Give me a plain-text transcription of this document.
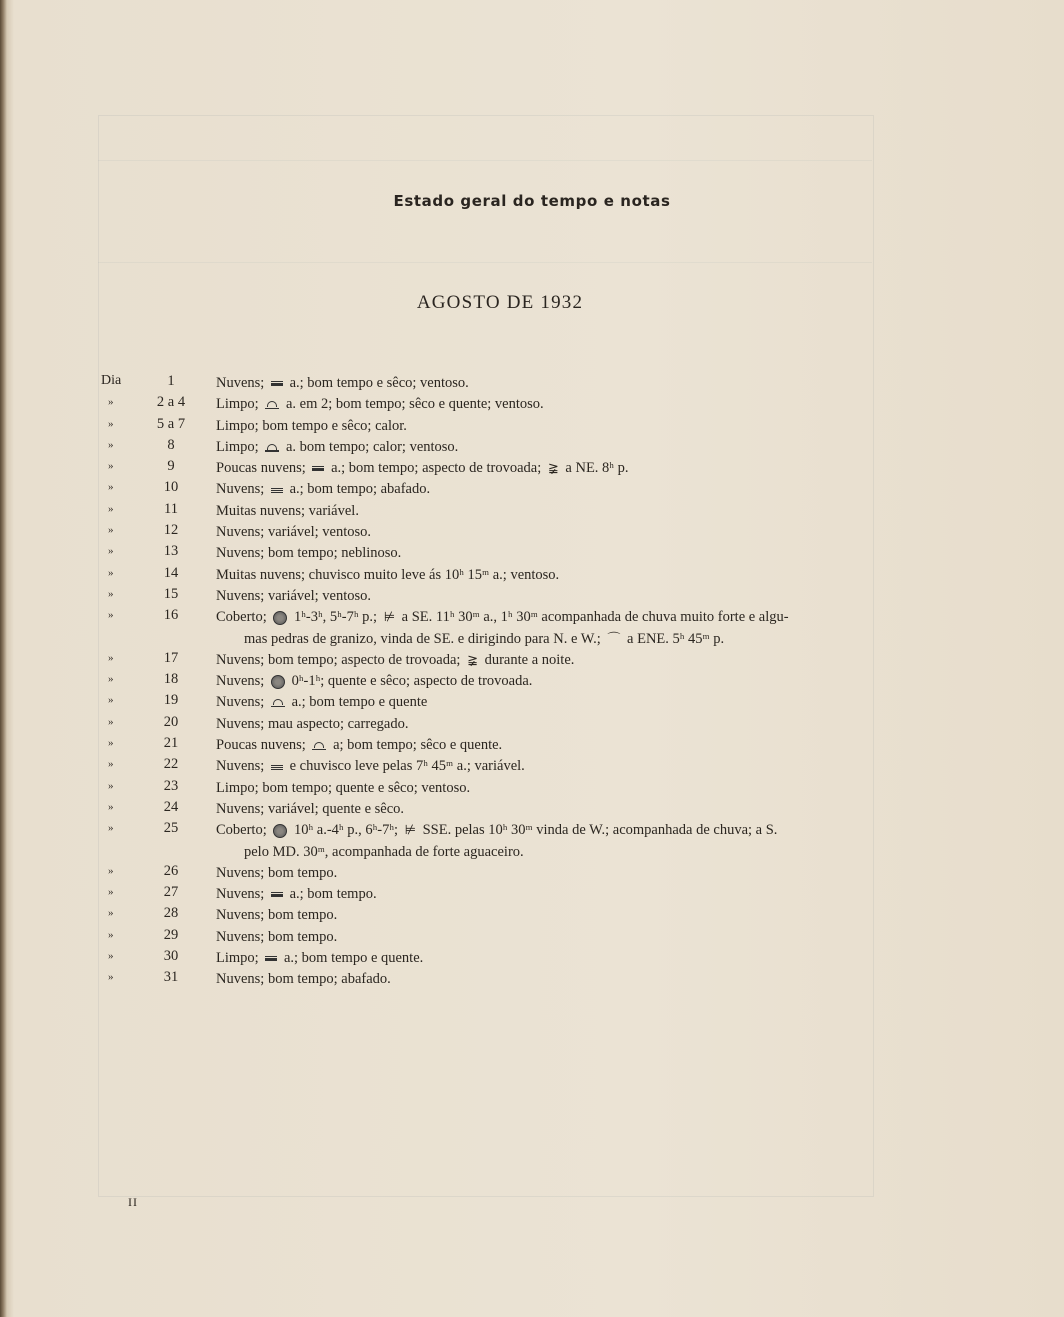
Estado geral do tempo e notas
AGOSTO DE 1932
Dia	1	Nuvens;  a.; bom tempo e sêco; ventoso.
»	2 a 4	Limpo;  a. em 2; bom tempo; sêco e quente; ventoso.
»	5 a 7	Limpo; bom tempo e sêco; calor.
»	8	Limpo;  a. bom tempo; calor; ventoso.
»	9	Poucas nuvens;  a.; bom tempo; aspecto de trovoada; ≩ a NE. 8ʰ p.
»	10	Nuvens;  a.; bom tempo; abafado.
»	11	Muitas nuvens; variável.
»	12	Nuvens; variável; ventoso.
»	13	Nuvens; bom tempo; neblinoso.
»	14	Muitas nuvens; chuvisco muito leve ás 10ʰ 15ᵐ a.; ventoso.
»	15	Nuvens; variável; ventoso.
»	16	Coberto;  1ʰ-3ʰ, 5ʰ-7ʰ p.; ⊭ a SE. 11ʰ 30ᵐ a., 1ʰ 30ᵐ acompanhada de chuva muito forte e algu-
mas pedras de granizo, vinda de SE. e dirigindo para N. e W.; ⌒ a ENE. 5ʰ 45ᵐ p.
»	17	Nuvens; bom tempo; aspecto de trovoada; ≩ durante a noite.
»	18	Nuvens;  0ʰ-1ʰ; quente e sêco; aspecto de trovoada.
»	19	Nuvens;  a.; bom tempo e quente
»	20	Nuvens; mau aspecto; carregado.
»	21	Poucas nuvens;  a; bom tempo; sêco e quente.
»	22	Nuvens;  e chuvisco leve pelas 7ʰ 45ᵐ a.; variável.
»	23	Limpo; bom tempo; quente e sêco; ventoso.
»	24	Nuvens; variável; quente e sêco.
»	25	Coberto;  10ʰ a.-4ʰ p., 6ʰ-7ʰ; ⊭ SSE. pelas 10ʰ 30ᵐ vinda de W.; acompanhada de chuva; a S.
pelo MD. 30ᵐ, acompanhada de forte aguaceiro.
»	26	Nuvens; bom tempo.
»	27	Nuvens;  a.; bom tempo.
»	28	Nuvens; bom tempo.
»	29	Nuvens; bom tempo.
»	30	Limpo;  a.; bom tempo e quente.
»	31	Nuvens; bom tempo; abafado.
II
